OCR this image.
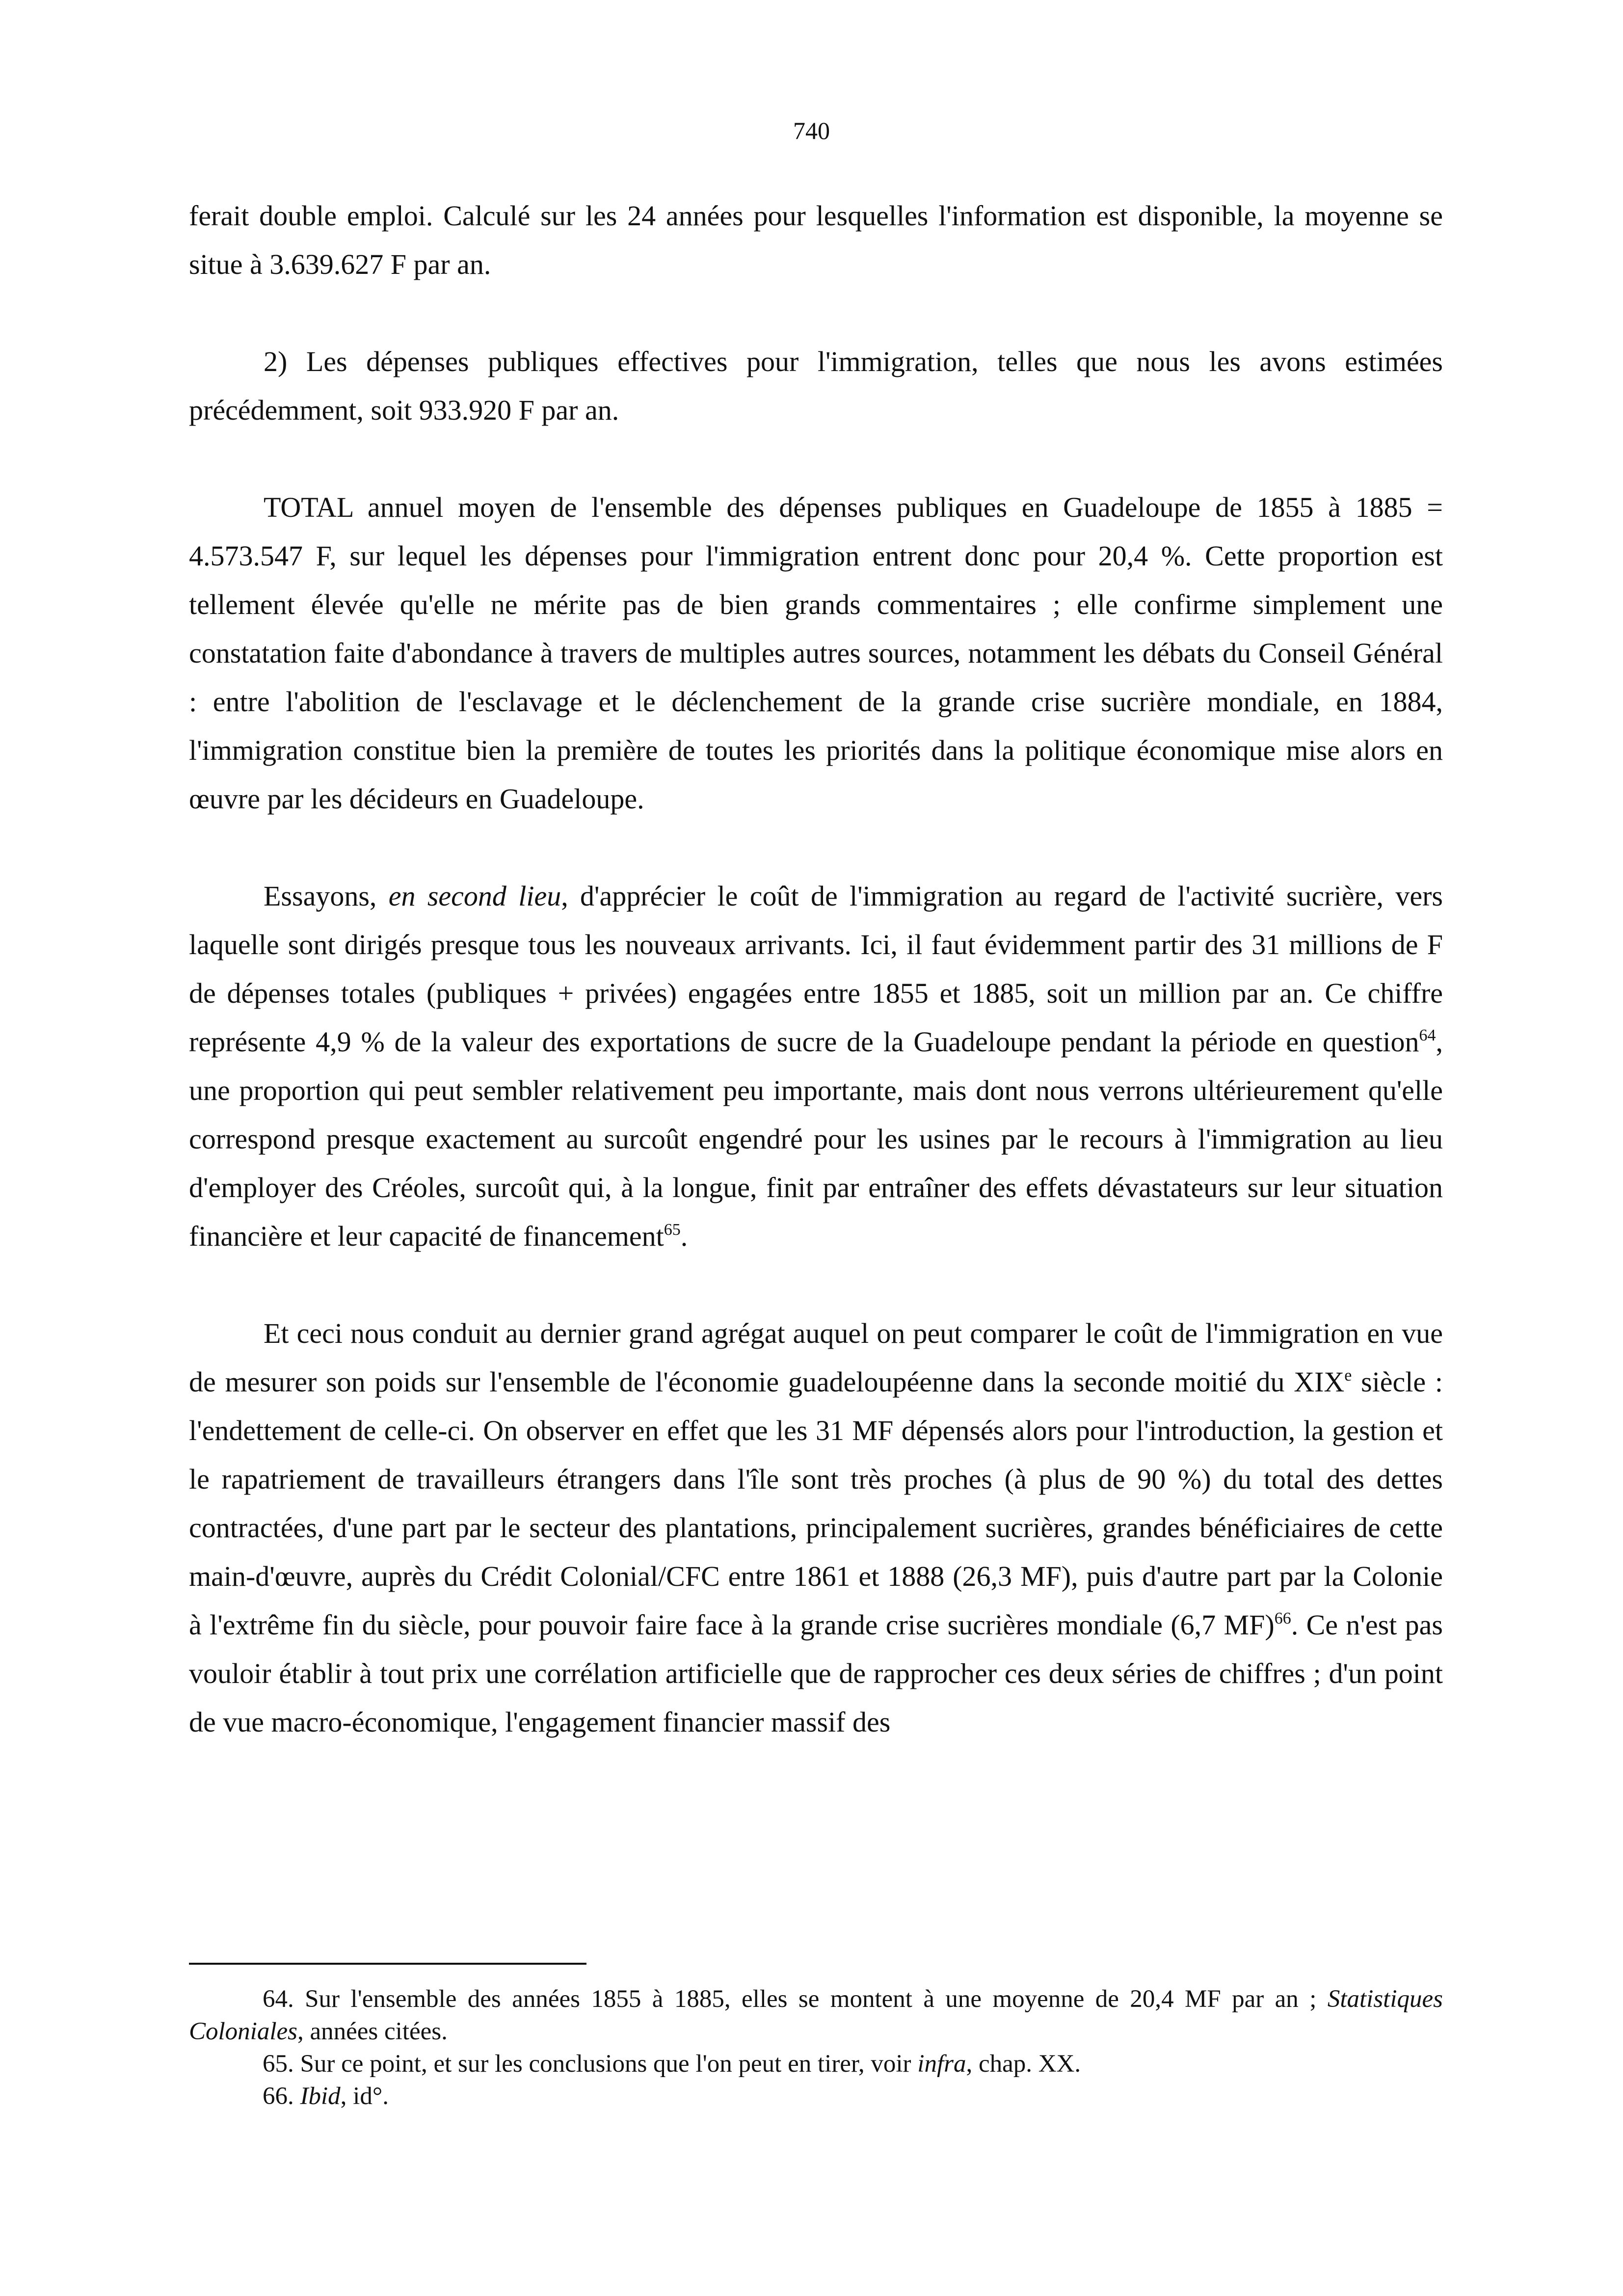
740

ferait double emploi. Calculé sur les 24 années pour lesquelles l'information est disponible, la moyenne se situe à 3.639.627 F par an.

2) Les dépenses publiques effectives pour l'immigration, telles que nous les avons estimées précédemment, soit 933.920 F par an.

TOTAL annuel moyen de l'ensemble des dépenses publiques en Guadeloupe de 1855 à 1885 = 4.573.547 F, sur lequel les dépenses pour l'immigration entrent donc pour 20,4 %. Cette proportion est tellement élevée qu'elle ne mérite pas de bien grands commentaires ; elle confirme simplement une constatation faite d'abondance à travers de multiples autres sources, notamment les débats du Conseil Général : entre l'abolition de l'esclavage et le déclenchement de la grande crise sucrière mondiale, en 1884, l'immigration constitue bien la première de toutes les priorités dans la politique économique mise alors en œuvre par les décideurs en Guadeloupe.

Essayons, en second lieu, d'apprécier le coût de l'immigration au regard de l'activité sucrière, vers laquelle sont dirigés presque tous les nouveaux arrivants. Ici, il faut évidemment partir des 31 millions de F de dépenses totales (publiques + privées) engagées entre 1855 et 1885, soit un million par an. Ce chiffre représente 4,9 % de la valeur des exportations de sucre de la Guadeloupe pendant la période en question$^{64}$, une proportion qui peut sembler relativement peu importante, mais dont nous verrons ultérieurement qu'elle correspond presque exactement au surcoût engendré pour les usines par le recours à l'immigration au lieu d'employer des Créoles, surcoût qui, à la longue, finit par entraîner des effets dévastateurs sur leur situation financière et leur capacité de financement$^{65}$.

Et ceci nous conduit au dernier grand agrégat auquel on peut comparer le coût de l'immigration en vue de mesurer son poids sur l'ensemble de l'économie guadeloupéenne dans la seconde moitié du XIXe siècle : l'endettement de celle-ci. On observer en effet que les 31 MF dépensés alors pour l'introduction, la gestion et le rapatriement de travailleurs étrangers dans l'île sont très proches (à plus de 90 %) du total des dettes contractées, d'une part par le secteur des plantations, principalement sucrières, grandes bénéficiaires de cette main-d'œuvre, auprès du Crédit Colonial/CFC entre 1861 et 1888 (26,3 MF), puis d'autre part par la Colonie à l'extrême fin du siècle, pour pouvoir faire face à la grande crise sucrières mondiale (6,7 MF)$^{66}$. Ce n'est pas vouloir établir à tout prix une corrélation artificielle que de rapprocher ces deux séries de chiffres ; d'un point de vue macro-économique, l'engagement financier massif des

64. Sur l'ensemble des années 1855 à 1885, elles se montent à une moyenne de 20,4 MF par an ; Statistiques Coloniales, années citées.

65. Sur ce point, et sur les conclusions que l'on peut en tirer, voir infra, chap. XX.

66. Ibid, id°.
